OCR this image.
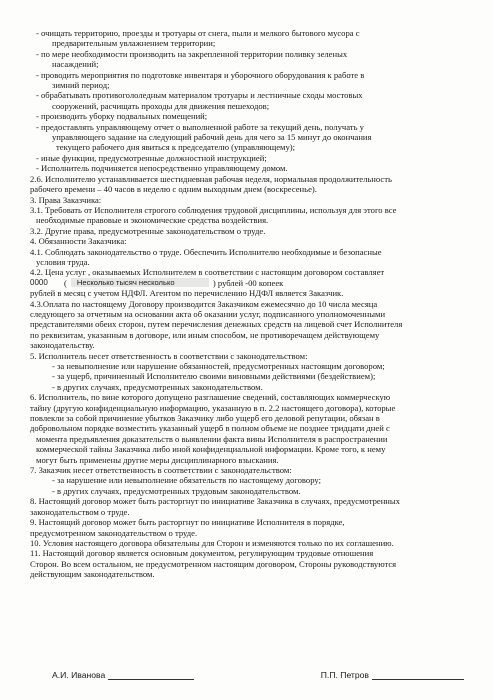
- очищать территорию, проезды и тротуары от снега, пыли и мелкого бытового мусора с
предварительным увлажнением территории;
- по мере необходимости производить на закрепленной территории поливку зеленых
насаждений;
- проводить мероприятия по подготовке инвентаря и уборочного оборудования к работе в
зимний период;
- обрабатывать противогололедным материалом тротуары и лестничные сходы мостовых
сооружений, расчищать проходы для движения пешеходов;
- производить уборку подвальных помещений;
- предоставлять управляющему отчет о выполненной работе за текущий день, получать у
управляющего задание на следующий рабочий день для чего за 15 минут до окончания
текущего рабочего дня явиться к председателю (управляющему);
- иные функции, предусмотренные должностной инструкцией;
- Исполнитель подчиняется непосредственно управляющему домом.
2.6. Исполнителю устанавливается шестидневная рабочая неделя, нормальная продолжительность
рабочего времени – 40 часов в неделю с одним выходным днем (воскресенье).
3. Права Заказчика:
3.1. Требовать от Исполнителя строгого соблюдения трудовой дисциплины, используя для этого все
необходимые правовые и экономические средства воздействия.
3.2. Другие права, предусмотренные законодательством о труде.
4. Обязанности Заказчика:
4.1. Соблюдать законодательство о труде. Обеспечить Исполнителю необходимые и безопасные
условия труда.
4.2. Цена услуг , оказываемых Исполнителем в соответствии с настоящим договором составляет
0000	(	Несколько тысяч несколько	) рублей -00 копеек
рублей в месяц с учетом НДФЛ. Агентом по перечислению НДФЛ является Заказчик.
4.3.Оплата по настоящему Договору производится Заказчиком ежемесячно до 10 числа месяца
следующего за отчетным на основании акта об оказании услуг, подписанного уполномоченными
представителями обеих сторон, путем перечисления денежных средств на лицевой счет Исполнителя
по реквизитам, указанным в договоре, или иным способом, не противоречащем действующему
законодательству.
5. Исполнитель несет ответственность в соответствии с законодательством:
- за невыполнение или нарушение обязанностей, предусмотренных настоящим договором;
- за ущерб, причиненный Исполнителю своими виновными действиями (бездействием);
- в других случаях, предусмотренных законодательством.
6. Исполнитель, по вине которого допущено разглашение сведений, составляющих коммерческую
тайну (другую конфиденциальную информацию, указанную в п. 2.2 настоящего договора), которые
повлекли за собой причинение убытков Заказчику либо ущерб его деловой репутации, обязан в
добровольном порядке возместить указанный ущерб в полном объеме не позднее тридцати дней с
момента предъявления доказательств о выявлении факта вины Исполнителя в распространении
коммерческой тайны Заказчика либо иной конфиденциальной информации. Кроме того, к нему
могут быть применены другие меры дисциплинарного взыскания.
7. Заказчик несет ответственность в соответствии с законодательством:
- за нарушение или невыполнение обязательств по настоящему договору;
- в других случаях, предусмотренных трудовым законодательством.
8. Настоящий договор может быть расторгнут по инициативе Заказчика в случаях, предусмотренных
законодательством о труде.
9. Настоящий договор может быть расторгнут по инициативе Исполнителя в порядке,
предусмотренном законодательством о труде.
10. Условия настоящего договора обязательны для Сторон и изменяются только по их соглашению.
11. Настоящий договор является основным документом, регулирующим трудовые отношения
Сторон. Во всем остальном, не предусмотренном настоящим договором, Стороны руководствуются
действующим законодательством.
А.И. Иванова	П.П. Петров
